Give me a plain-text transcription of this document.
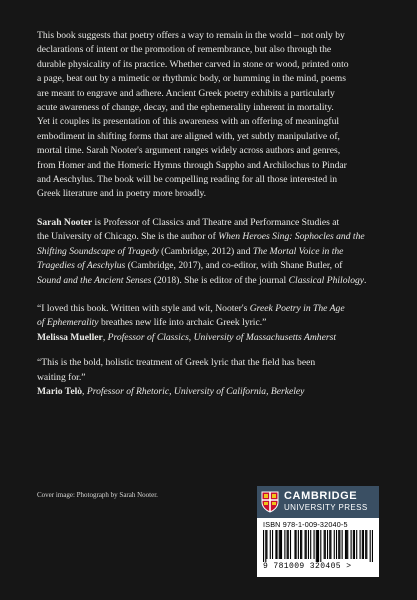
This book suggests that poetry offers a way to remain in the world – not only by

declarations of intent or the promotion of remembrance, but also through the

durable physicality of its practice. Whether carved in stone or wood, printed onto

a page, beat out by a mimetic or rhythmic body, or humming in the mind, poems

are meant to engrave and adhere. Ancient Greek poetry exhibits a particularly

acute awareness of change, decay, and the ephemerality inherent in mortality.

Yet it couples its presentation of this awareness with an offering of meaningful

embodiment in shifting forms that are aligned with, yet subtly manipulative of,

mortal time. Sarah Nooter's argument ranges widely across authors and genres,

from Homer and the Homeric Hymns through Sappho and Archilochus to Pindar

and Aeschylus. The book will be compelling reading for all those interested in

Greek literature and in poetry more broadly.

Sarah Nooter is Professor of Classics and Theatre and Performance Studies at

the University of Chicago. She is the author of When Heroes Sing: Sophocles and the

Shifting Soundscape of Tragedy (Cambridge, 2012) and The Mortal Voice in the

Tragedies of Aeschylus (Cambridge, 2017), and co-editor, with Shane Butler, of

Sound and the Ancient Senses (2018). She is editor of the journal Classical Philology.

“I loved this book. Written with style and wit, Nooter's Greek Poetry in The Age

of Ephemerality breathes new life into archaic Greek lyric.”

Melissa Mueller, Professor of Classics, University of Massachusetts Amherst

“This is the bold, holistic treatment of Greek lyric that the field has been

waiting for.”

Mario Telò, Professor of Rhetoric, University of California, Berkeley

Cover image: Photograph by Sarah Nooter.	CAMBRIDGE
UNIVERSITY PRESS
ISBN 978-1-009-32040-5
9 781009 320405 >
